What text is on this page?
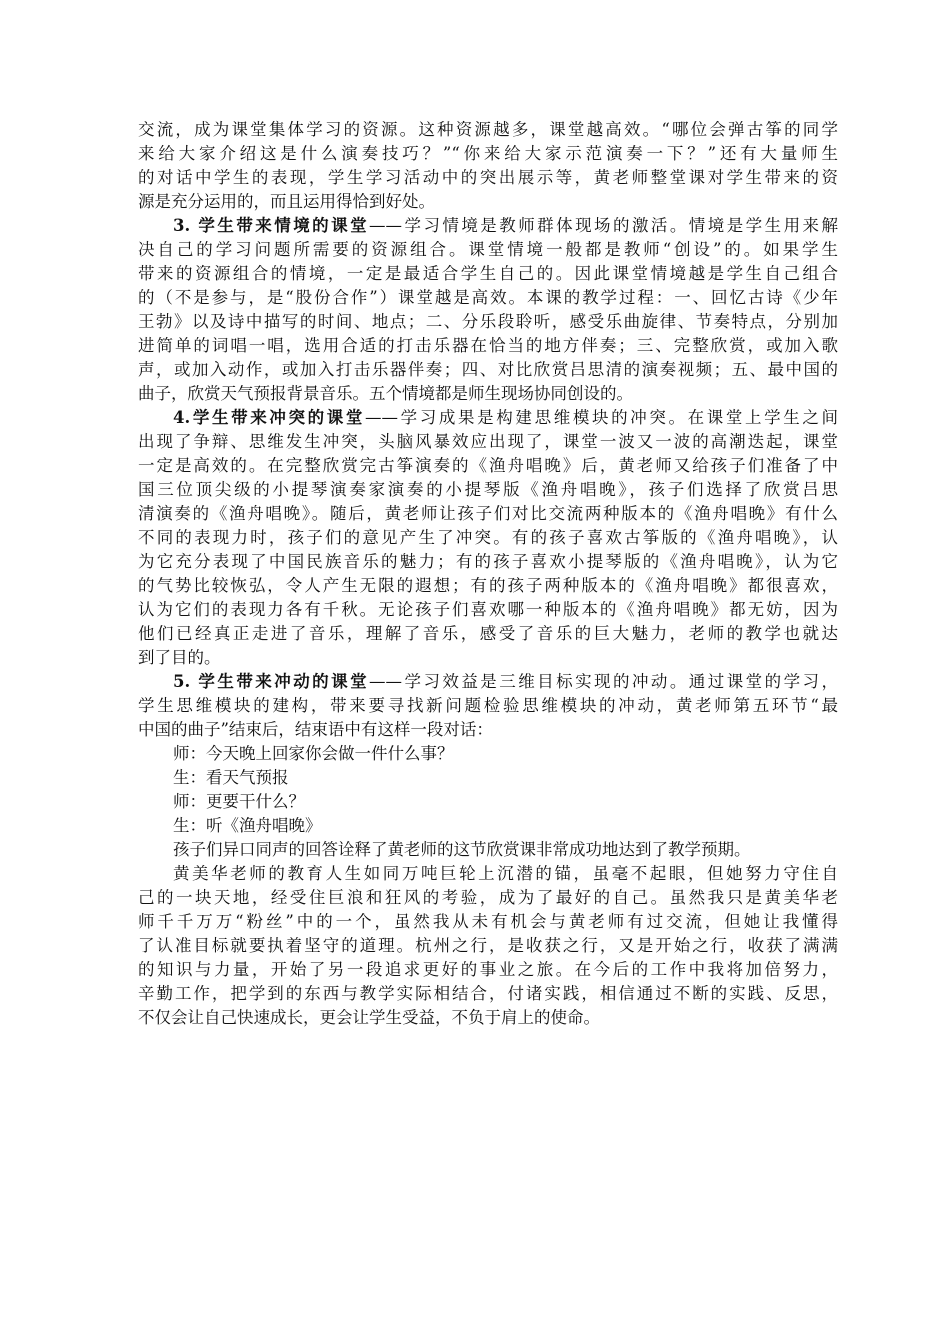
交流，成为课堂集体学习的资源。这种资源越多，课堂越高效。“哪位会弹古筝的同学
来给大家介绍这是什么演奏技巧？”“你来给大家示范演奏一下？”还有大量师生
的对话中学生的表现，学生学习活动中的突出展示等，黄老师整堂课对学生带来的资
源是充分运用的，而且运用得恰到好处。
3. 学生带来情境的课堂——学习情境是教师群体现场的激活。情境是学生用来解
决自己的学习问题所需要的资源组合。课堂情境一般都是教师“创设”的。如果学生
带来的资源组合的情境，一定是最适合学生自己的。因此课堂情境越是学生自己组合
的（不是参与，是“股份合作”）课堂越是高效。本课的教学过程：一、回忆古诗《少年
王勃》以及诗中描写的时间、地点；二、分乐段聆听，感受乐曲旋律、节奏特点，分别加
进简单的词唱一唱，选用合适的打击乐器在恰当的地方伴奏；三、完整欣赏，或加入歌
声，或加入动作，或加入打击乐器伴奏；四、对比欣赏吕思清的演奏视频；五、最中国的
曲子，欣赏天气预报背景音乐。五个情境都是师生现场协同创设的。
4.学生带来冲突的课堂——学习成果是构建思维模块的冲突。在课堂上学生之间
出现了争辩、思维发生冲突，头脑风暴效应出现了，课堂一波又一波的高潮迭起，课堂
一定是高效的。在完整欣赏完古筝演奏的《渔舟唱晚》后，黄老师又给孩子们准备了中
国三位顶尖级的小提琴演奏家演奏的小提琴版《渔舟唱晚》，孩子们选择了欣赏吕思
清演奏的《渔舟唱晚》。随后，黄老师让孩子们对比交流两种版本的《渔舟唱晚》有什么
不同的表现力时，孩子们的意见产生了冲突。有的孩子喜欢古筝版的《渔舟唱晚》，认
为它充分表现了中国民族音乐的魅力；有的孩子喜欢小提琴版的《渔舟唱晚》，认为它
的气势比较恢弘，令人产生无限的遐想；有的孩子两种版本的《渔舟唱晚》都很喜欢，
认为它们的表现力各有千秋。无论孩子们喜欢哪一种版本的《渔舟唱晚》都无妨，因为
他们已经真正走进了音乐，理解了音乐，感受了音乐的巨大魅力，老师的教学也就达
到了目的。
5. 学生带来冲动的课堂——学习效益是三维目标实现的冲动。通过课堂的学习，
学生思维模块的建构，带来要寻找新问题检验思维模块的冲动，黄老师第五环节“最
中国的曲子”结束后，结束语中有这样一段对话：
师：今天晚上回家你会做一件什么事？
生：看天气预报
师：更要干什么？
生：听《渔舟唱晚》
孩子们异口同声的回答诠释了黄老师的这节欣赏课非常成功地达到了教学预期。
黄美华老师的教育人生如同万吨巨轮上沉潜的锚，虽毫不起眼，但她努力守住自
己的一块天地，经受住巨浪和狂风的考验，成为了最好的自己。虽然我只是黄美华老
师千千万万“粉丝”中的一个，虽然我从未有机会与黄老师有过交流，但她让我懂得
了认准目标就要执着坚守的道理。杭州之行，是收获之行，又是开始之行，收获了满满
的知识与力量，开始了另一段追求更好的事业之旅。在今后的工作中我将加倍努力，
辛勤工作，把学到的东西与教学实际相结合，付诸实践，相信通过不断的实践、反思，
不仅会让自己快速成长，更会让学生受益，不负于肩上的使命。
